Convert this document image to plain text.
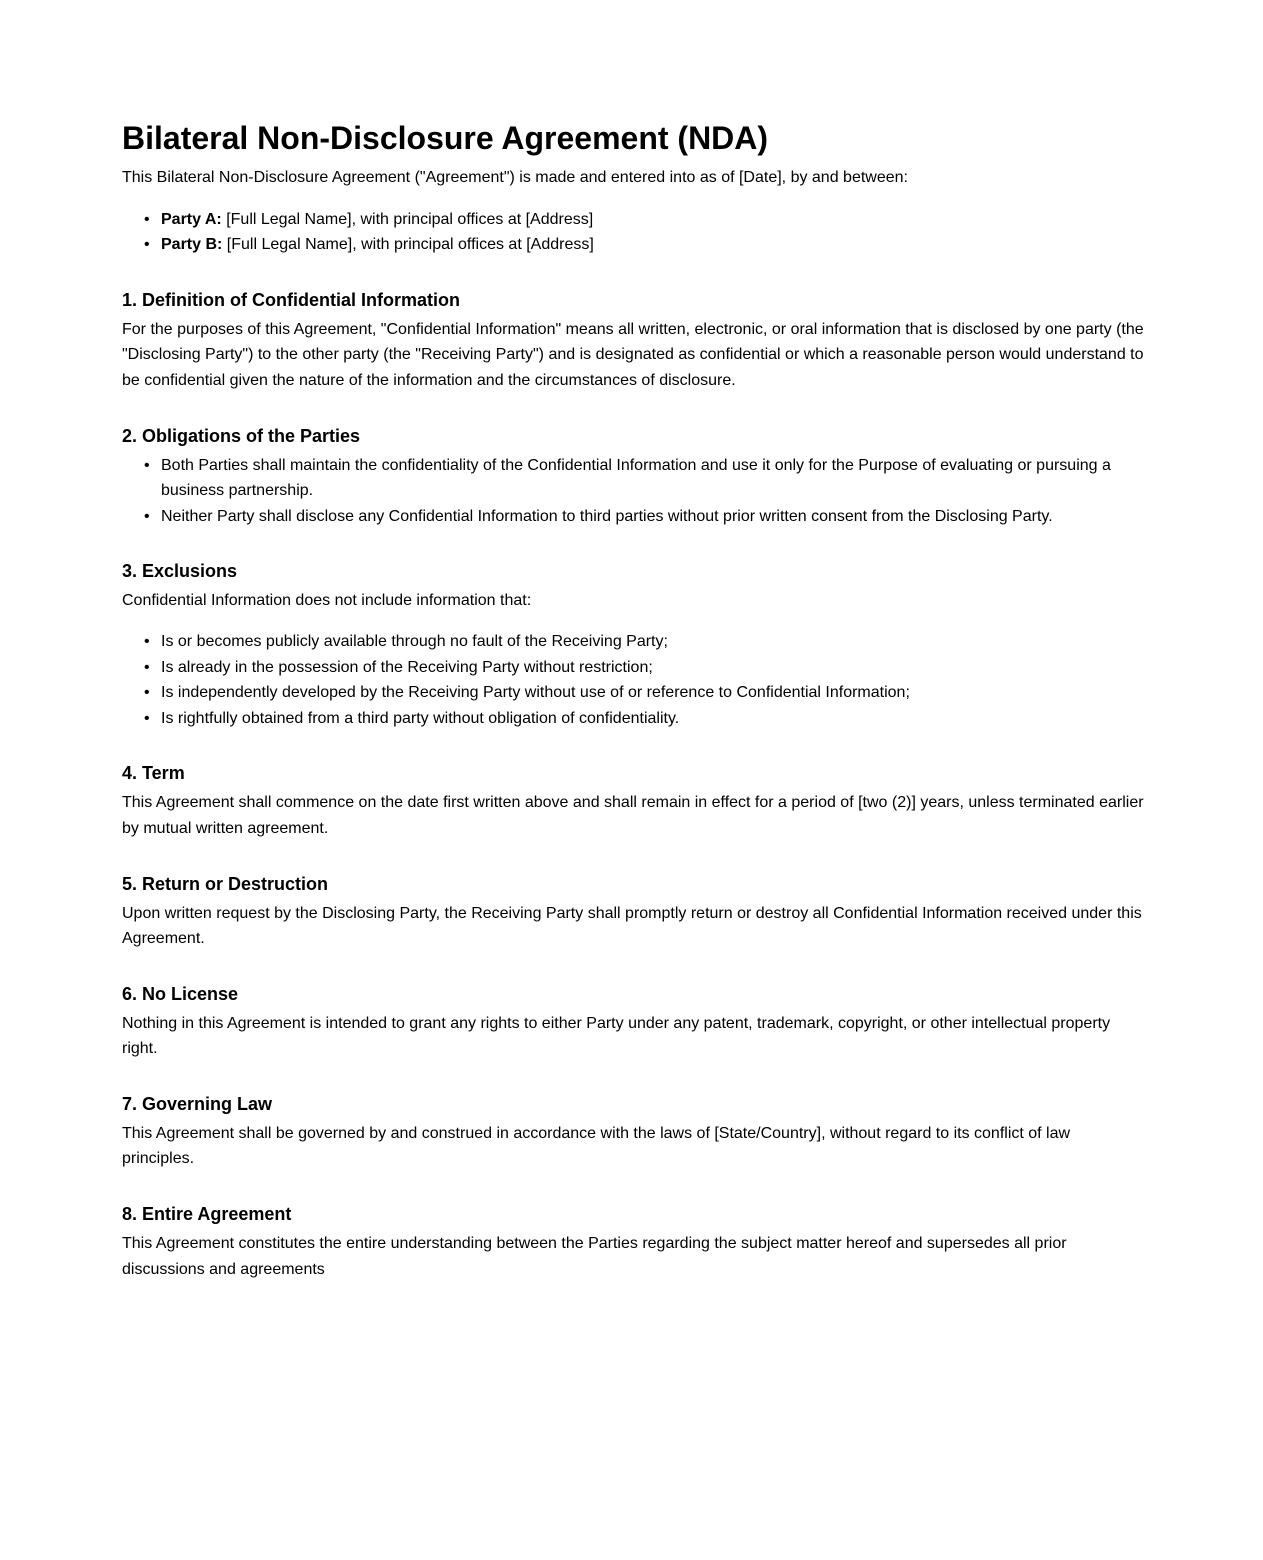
Bilateral Non-Disclosure Agreement (NDA)

This Bilateral Non-Disclosure Agreement ("Agreement") is made and entered into as of [Date], by and between:

• Party A: [Full Legal Name], with principal offices at [Address]
• Party B: [Full Legal Name], with principal offices at [Address]
1. Definition of Confidential Information

For the purposes of this Agreement, "Confidential Information" means all written, electronic, or oral information that is disclosed by one party (the "Disclosing Party") to the other party (the "Receiving Party") and is designated as confidential or which a reasonable person would understand to be confidential given the nature of the information and the circumstances of disclosure.

2. Obligations of the Parties
• Both Parties shall maintain the confidentiality of the Confidential Information and use it only for the Purpose of evaluating or pursuing a business partnership.
• Neither Party shall disclose any Confidential Information to third parties without prior written consent from the Disclosing Party.
3. Exclusions

Confidential Information does not include information that:

• Is or becomes publicly available through no fault of the Receiving Party;
• Is already in the possession of the Receiving Party without restriction;
• Is independently developed by the Receiving Party without use of or reference to Confidential Information;
• Is rightfully obtained from a third party without obligation of confidentiality.
4. Term

This Agreement shall commence on the date first written above and shall remain in effect for a period of [two (2)] years, unless terminated earlier by mutual written agreement.

5. Return or Destruction

Upon written request by the Disclosing Party, the Receiving Party shall promptly return or destroy all Confidential Information received under this Agreement.

6. No License

Nothing in this Agreement is intended to grant any rights to either Party under any patent, trademark, copyright, or other intellectual property right.

7. Governing Law

This Agreement shall be governed by and construed in accordance with the laws of [State/Country], without regard to its conflict of law principles.

8. Entire Agreement

This Agreement constitutes the entire understanding between the Parties regarding the subject matter hereof and supersedes all prior discussions and agreements
